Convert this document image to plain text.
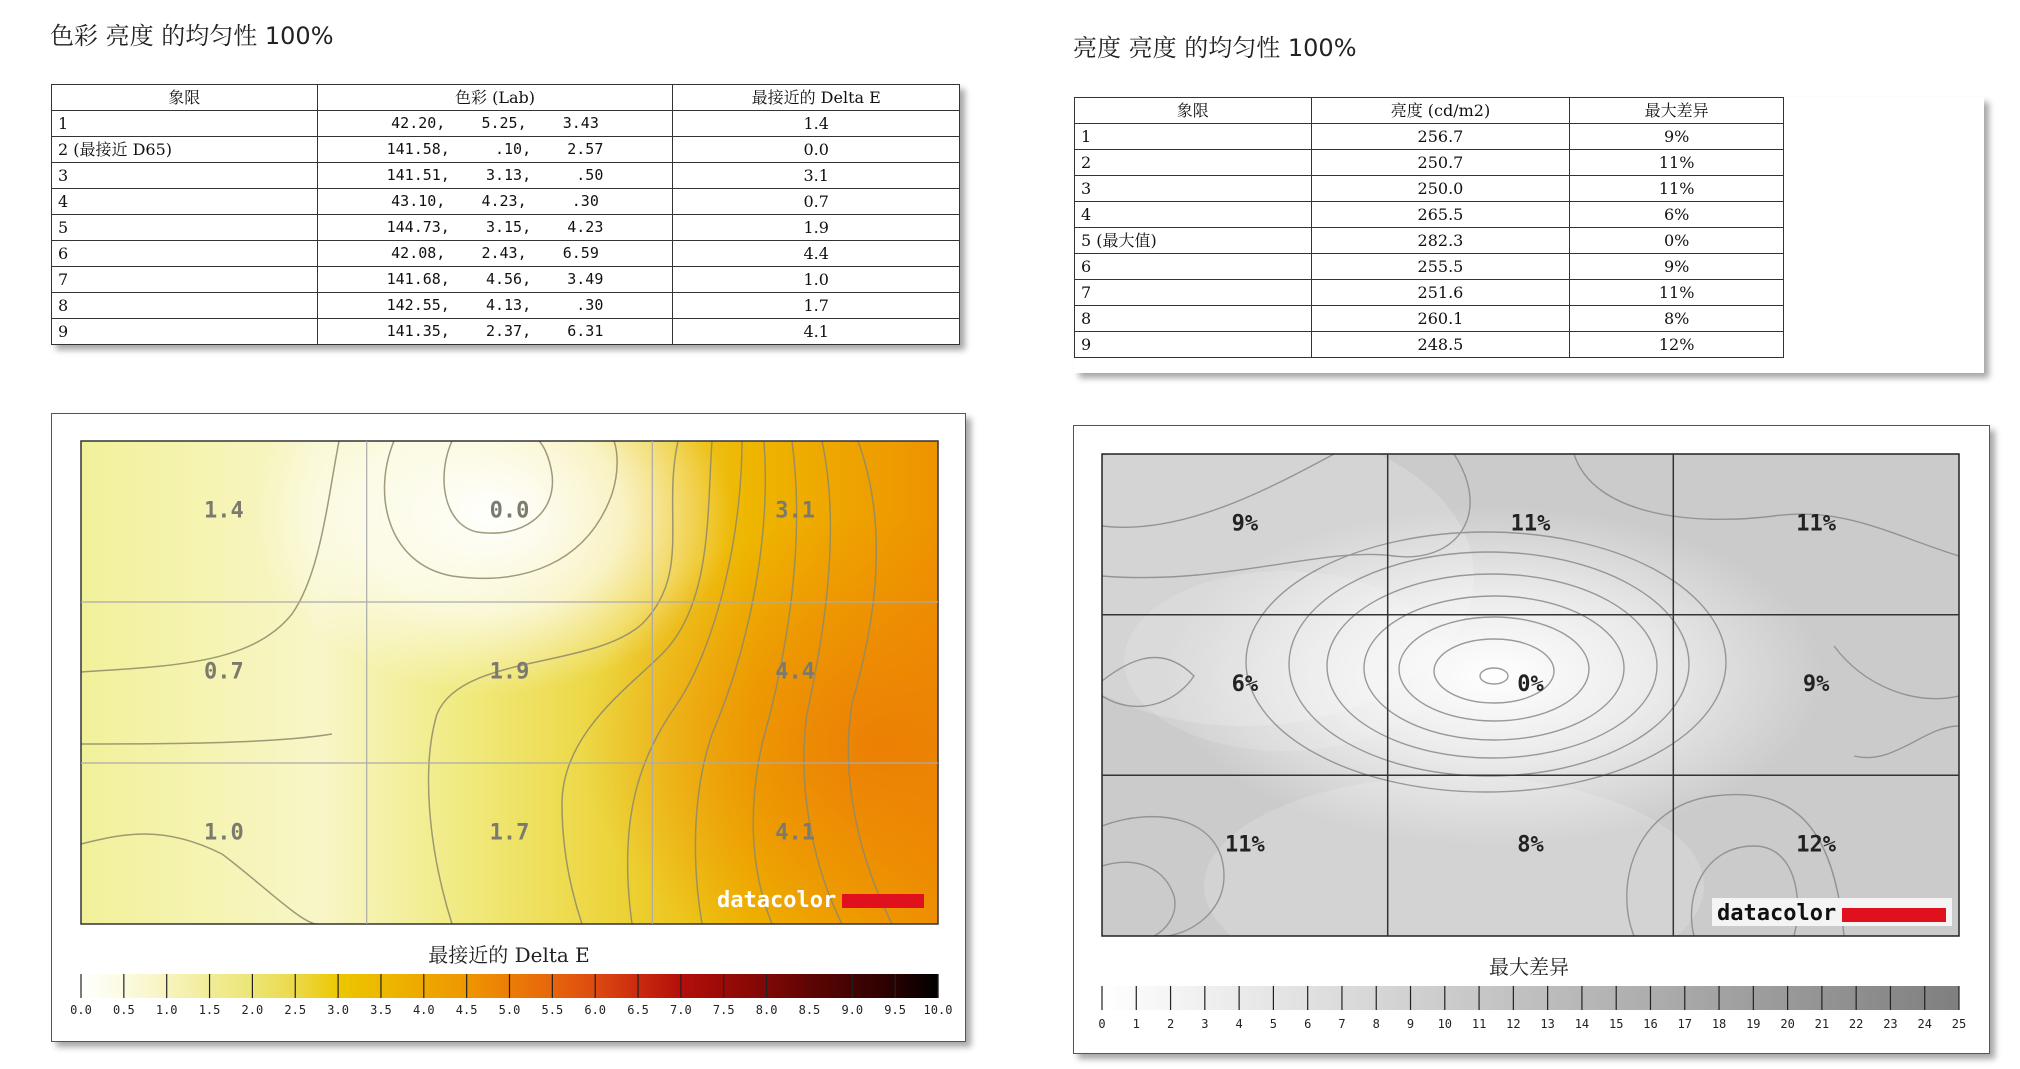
色彩 亮度 的均匀性 100%	亮度 亮度 的均匀性 100%
象限	色彩 (Lab)	最接近的 Delta E
1	42.20,    5.25,    3.43	1.4
2 (最接近 D65)	141.58,     .10,    2.57	0.0
3	141.51,    3.13,     .50	3.1
4	43.10,    4.23,     .30	0.7
5	144.73,    3.15,    4.23	1.9
6	42.08,    2.43,    6.59	4.4
7	141.68,    4.56,    3.49	1.0
8	142.55,    4.13,     .30	1.7
9	141.35,    2.37,    6.31	4.1
象限	亮度 (cd/m2)	最大差异
1	256.7	9%
2	250.7	11%
3	250.0	11%
4	265.5	6%
5 (最大值)	282.3	0%
6	255.5	9%
7	251.6	11%
8	260.1	8%
9	248.5	12%
1.4	0.0	3.1
0.7	1.9	4.4
1.0	1.7	4.1
datacolor
最接近的 Delta E
0.0 0.5 1.0 1.5 2.0 2.5 3.0 3.5 4.0 4.5 5.0 5.5 6.0 6.5 7.0 7.5 8.0 8.5 9.0 9.5 10.0
9%	11%	11%
6%	0%	9%
11%	8%	12%
datacolor
最大差异
0 1 2 3 4 5 6 7 8 9 10 11 12 13 14 15 16 17 18 19 20 21 22 23 24 25
